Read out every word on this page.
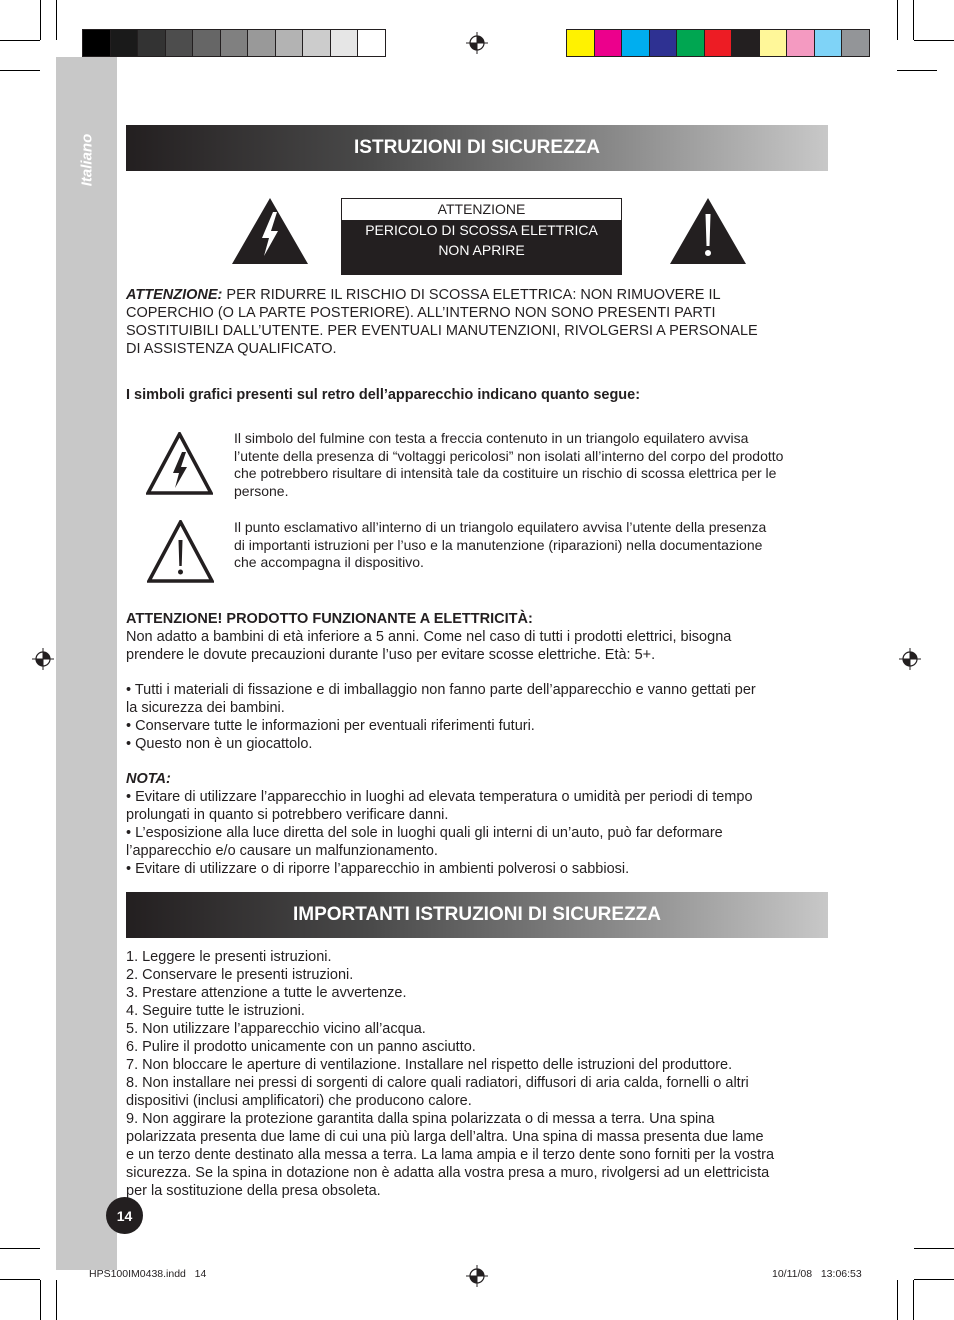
Italiano	ISTRUZIONI DI SICUREZZA
ATTENZIONE
PERICOLO DI SCOSSA ELETTRICA
NON APRIRE
ATTENZIONE: PER RIDURRE IL RISCHIO DI SCOSSA ELETTRICA: NON RIMUOVERE IL
COPERCHIO (O LA PARTE POSTERIORE). ALL’INTERNO NON SONO PRESENTI PARTI
SOSTITUIBILI DALL’UTENTE. PER EVENTUALI MANUTENZIONI, RIVOLGERSI A PERSONALE
DI ASSISTENZA QUALIFICATO.
I simboli grafici presenti sul retro dell’apparecchio indicano quanto segue:
Il simbolo del fulmine con testa a freccia contenuto in un triangolo equilatero avvisa
l’utente della presenza di “voltaggi pericolosi” non isolati all’interno del corpo del prodotto
che potrebbero risultare di intensità tale da costituire un rischio di scossa elettrica per le
persone.
Il punto esclamativo all’interno di un triangolo equilatero avvisa l’utente della presenza
di importanti istruzioni per l’uso e la manutenzione (riparazioni) nella documentazione
che accompagna il dispositivo.
ATTENZIONE! PRODOTTO FUNZIONANTE A ELETTRICITÀ:
Non adatto a bambini di età inferiore a 5 anni. Come nel caso di tutti i prodotti elettrici, bisogna
prendere le dovute precauzioni durante l’uso per evitare scosse elettriche. Età: 5+.
• Tutti i materiali di fissazione e di imballaggio non fanno parte dell’apparecchio e vanno gettati per
la sicurezza dei bambini.
• Conservare tutte le informazioni per eventuali riferimenti futuri.
• Questo non è un giocattolo.
NOTA:
• Evitare di utilizzare l’apparecchio in luoghi ad elevata temperatura o umidità per periodi di tempo
prolungati in quanto si potrebbero verificare danni.
• L’esposizione alla luce diretta del sole in luoghi quali gli interni di un’auto, può far deformare
l’apparecchio e/o causare un malfunzionamento.
• Evitare di utilizzare o di riporre l’apparecchio in ambienti polverosi o sabbiosi.
IMPORTANTI ISTRUZIONI DI SICUREZZA
1. Leggere le presenti istruzioni.
2. Conservare le presenti istruzioni.
3. Prestare attenzione a tutte le avvertenze.
4. Seguire tutte le istruzioni.
5. Non utilizzare l’apparecchio vicino all’acqua.
6. Pulire il prodotto unicamente con un panno asciutto.
7. Non bloccare le aperture di ventilazione. Installare nel rispetto delle istruzioni del produttore.
8. Non installare nei pressi di sorgenti di calore quali radiatori, diffusori di aria calda, fornelli o altri
dispositivi (inclusi amplificatori) che producono calore.
9. Non aggirare la protezione garantita dalla spina polarizzata o di messa a terra. Una spina
polarizzata presenta due lame di cui una più larga dell’altra. Una spina di massa presenta due lame
e un terzo dente destinato alla messa a terra. La lama ampia e il terzo dente sono forniti per la vostra
sicurezza. Se la spina in dotazione non è adatta alla vostra presa a muro, rivolgersi ad un elettricista
per la sostituzione della presa obsoleta.
14
HPS100IM0438.indd   14	10/11/08   13:06:53
